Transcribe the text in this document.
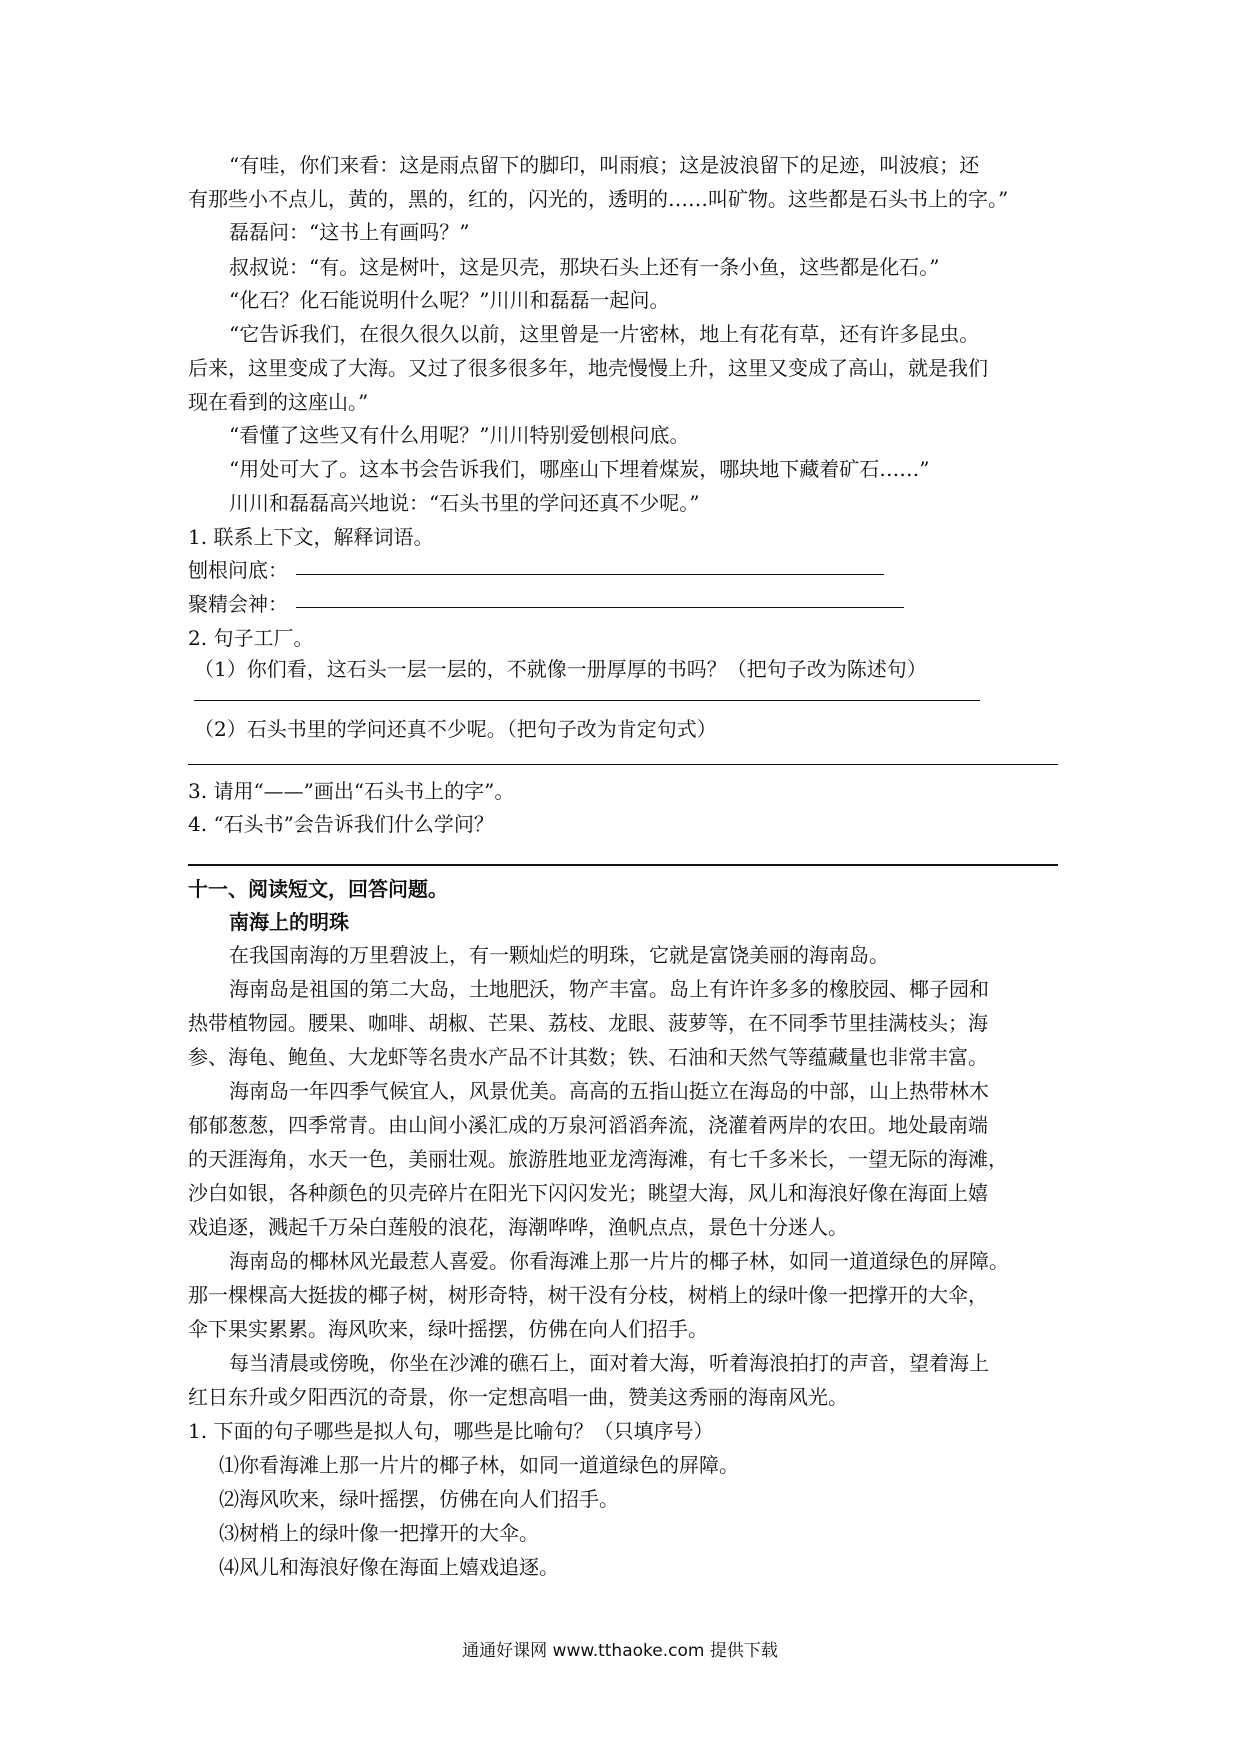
“有哇，你们来看：这是雨点留下的脚印，叫雨痕；这是波浪留下的足迹，叫波痕；还
有那些小不点儿，黄的，黑的，红的，闪光的，透明的……叫矿物。这些都是石头书上的字。”
磊磊问：“这书上有画吗？”
叔叔说：“有。这是树叶，这是贝壳，那块石头上还有一条小鱼，这些都是化石。”
“化石？化石能说明什么呢？”川川和磊磊一起问。
“它告诉我们，在很久很久以前，这里曾是一片密林，地上有花有草，还有许多昆虫。
后来，这里变成了大海。又过了很多很多年，地壳慢慢上升，这里又变成了高山，就是我们
现在看到的这座山。”
“看懂了这些又有什么用呢？”川川特别爱刨根问底。
“用处可大了。这本书会告诉我们，哪座山下埋着煤炭，哪块地下藏着矿石……”
川川和磊磊高兴地说：“石头书里的学问还真不少呢。”
1. 联系上下文，解释词语。
刨根问底：
聚精会神：
2. 句子工厂。
（1）你们看，这石头一层一层的，不就像一册厚厚的书吗？（把句子改为陈述句）
（2）石头书里的学问还真不少呢。（把句子改为肯定句式）
3. 请用“——”画出“石头书上的字”。
4. “石头书”会告诉我们什么学问？
十一、阅读短文，回答问题。
南海上的明珠
在我国南海的万里碧波上，有一颗灿烂的明珠，它就是富饶美丽的海南岛。
海南岛是祖国的第二大岛，土地肥沃，物产丰富。岛上有许许多多的橡胶园、椰子园和
热带植物园。腰果、咖啡、胡椒、芒果、荔枝、龙眼、菠萝等，在不同季节里挂满枝头；海
参、海龟、鲍鱼、大龙虾等名贵水产品不计其数；铁、石油和天然气等蕴藏量也非常丰富。
海南岛一年四季气候宜人，风景优美。高高的五指山挺立在海岛的中部，山上热带林木
郁郁葱葱，四季常青。由山间小溪汇成的万泉河滔滔奔流，浇灌着两岸的农田。地处最南端
的天涯海角，水天一色，美丽壮观。旅游胜地亚龙湾海滩，有七千多米长，一望无际的海滩，
沙白如银，各种颜色的贝壳碎片在阳光下闪闪发光；眺望大海，风儿和海浪好像在海面上嬉
戏追逐，溅起千万朵白莲般的浪花，海潮哗哗，渔帆点点，景色十分迷人。
海南岛的椰林风光最惹人喜爱。你看海滩上那一片片的椰子林，如同一道道绿色的屏障。
那一棵棵高大挺拔的椰子树，树形奇特，树干没有分枝，树梢上的绿叶像一把撑开的大伞，
伞下果实累累。海风吹来，绿叶摇摆，仿佛在向人们招手。
每当清晨或傍晚，你坐在沙滩的礁石上，面对着大海，听着海浪拍打的声音，望着海上
红日东升或夕阳西沉的奇景，你一定想高唱一曲，赞美这秀丽的海南风光。
1. 下面的句子哪些是拟人句，哪些是比喻句？（只填序号）
⑴你看海滩上那一片片的椰子林，如同一道道绿色的屏障。
⑵海风吹来，绿叶摇摆，仿佛在向人们招手。
⑶树梢上的绿叶像一把撑开的大伞。
⑷风儿和海浪好像在海面上嬉戏追逐。
通通好课网 www.tthaoke.com 提供下载
